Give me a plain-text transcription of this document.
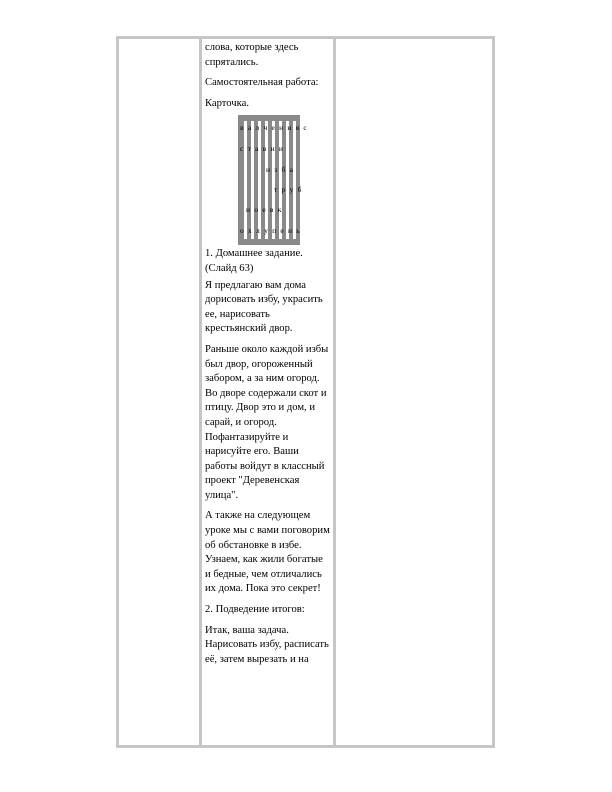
слова, которые здесь спрятались.

Самостоятельная работа:

Карточка.

в а л ч е н и я с
с т а в н и
н з б а
т р у б
н о е в к
о х л у п е н ь

1. Домашнее задание. (Слайд 63)

Я предлагаю вам дома дорисовать избу, украсить ее, нарисовать крестьянский двор.

Раньше около каждой избы был двор, огороженный забором, а за ним огород. Во дворе содержали скот и птицу. Двор это и дом, и сарай, и огород. Пофантазируйте и нарисуйте его. Ваши работы войдут в классный проект "Деревенская улица".

А также на следующем уроке мы с вами поговорим об обстановке в избе. Узнаем, как жили богатые и бедные, чем отличались их дома. Пока это секрет!

2. Подведение итогов:

Итак, ваша задача. Нарисовать избу, расписать её, затем вырезать и на
